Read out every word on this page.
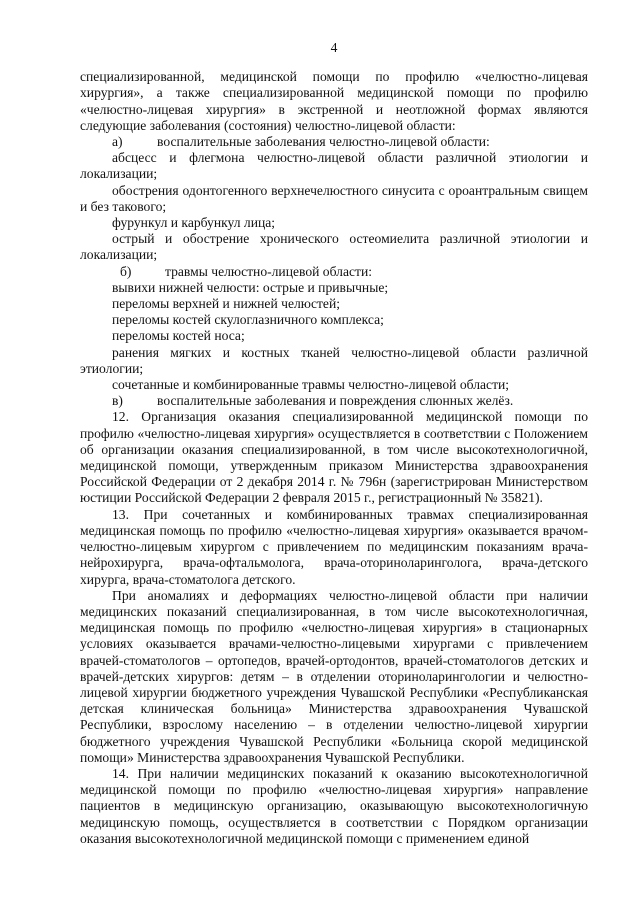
4

специализированной, медицинской помощи по профилю «челюстно-лицевая хирургия», а также специализированной медицинской помощи по профилю «челюстно-лицевая хирургия» в экстренной и неотложной формах являются следующие заболевания (состояния) челюстно-лицевой области:

а)	воспалительные заболевания челюстно-лицевой области:

абсцесс и флегмона челюстно-лицевой области различной этиологии и локализации;

обострения одонтогенного верхнечелюстного синусита с ороантральным свищем и без такового;

фурункул и карбункул лица;

острый и обострение хронического остеомиелита различной этиологии и локализации;

б)	травмы челюстно-лицевой области:

вывихи нижней челюсти: острые и привычные;

переломы верхней и нижней челюстей;

переломы костей скулоглазничного комплекса;

переломы костей носа;

ранения мягких и костных тканей челюстно-лицевой области различной этиологии;

сочетанные и комбинированные травмы челюстно-лицевой области;

в)	воспалительные заболевания и повреждения слюнных желёз.

12. Организация оказания специализированной медицинской помощи по профилю «челюстно-лицевая хирургия» осуществляется в соответствии с Положением об организации оказания специализированной, в том числе высокотехнологичной, медицинской помощи, утвержденным приказом Министерства здравоохранения Российской Федерации от 2 декабря 2014 г. № 796н (зарегистрирован Министерством юстиции Российской Федерации 2 февраля 2015 г., регистрационный № 35821).

13. При сочетанных и комбинированных травмах специализированная медицинская помощь по профилю «челюстно-лицевая хирургия» оказывается врачом-челюстно-лицевым хирургом с привлечением по медицинским показаниям врача-нейрохирурга, врача-офтальмолога, врача-оториноларинголога, врача-детского хирурга, врача-стоматолога детского.

При аномалиях и деформациях челюстно-лицевой области при наличии медицинских показаний специализированная, в том числе высокотехнологичная, медицинская помощь по профилю «челюстно-лицевая хирургия» в стационарных условиях оказывается врачами-челюстно-лицевыми хирургами с привлечением врачей-стоматологов – ортопедов, врачей-ортодонтов, врачей-стоматологов детских и врачей-детских хирургов: детям – в отделении оториноларингологии и челюстно-лицевой хирургии бюджетного учреждения Чувашской Республики «Республиканская детская клиническая больница» Министерства здравоохранения Чувашской Республики, взрослому населению – в отделении челюстно-лицевой хирургии бюджетного учреждения Чувашской Республики «Больница скорой медицинской помощи» Министерства здравоохранения Чувашской Республики.

14. При наличии медицинских показаний к оказанию высокотехнологичной медицинской помощи по профилю «челюстно-лицевая хирургия» направление пациентов в медицинскую организацию, оказывающую высокотехнологичную медицинскую помощь, осуществляется в соответствии с Порядком организации оказания высокотехнологичной медицинской помощи с применением единой
